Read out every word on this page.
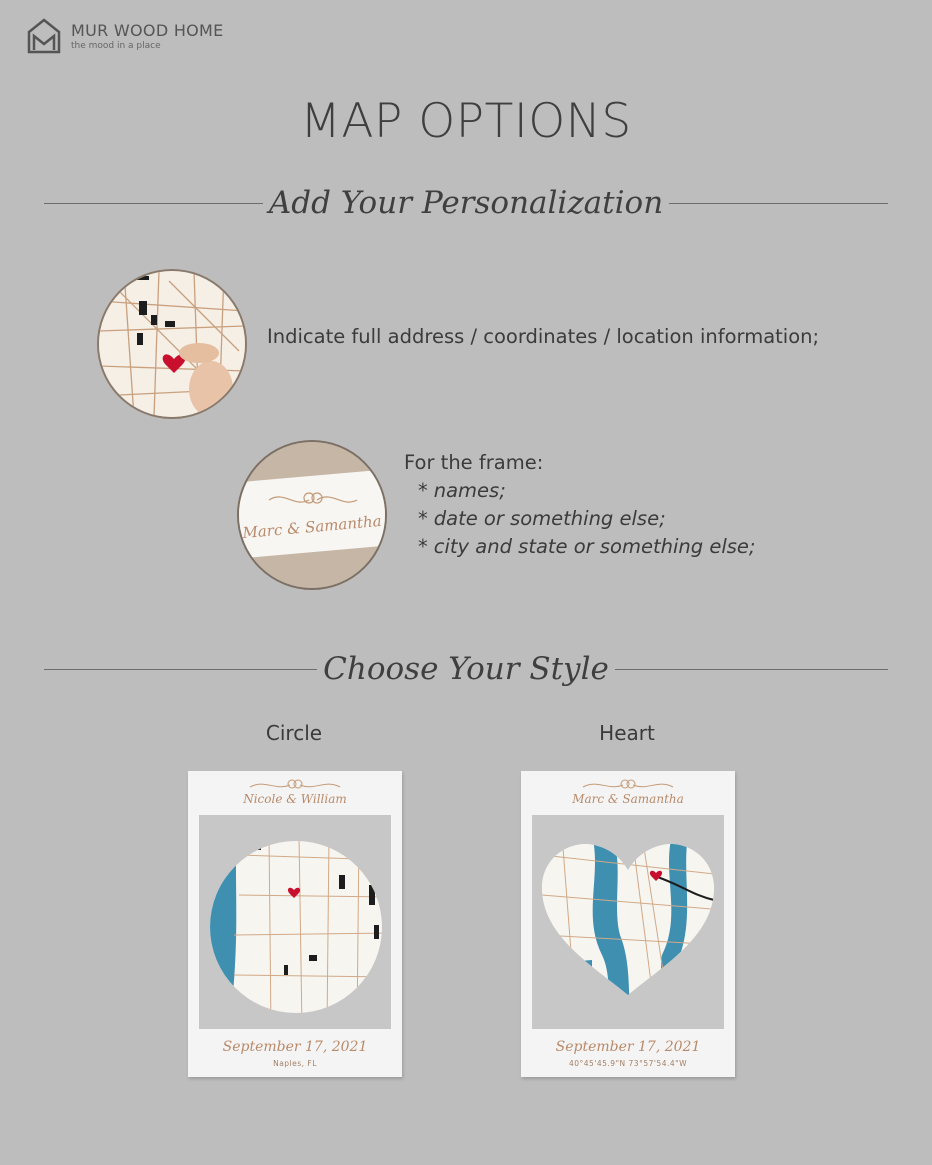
MUR WOOD HOME
the mood in a place
MAP OPTIONS
Add Your Personalization
Indicate full address / coordinates / location information;
Marc & Samantha
For the frame:
* names;
* date or something else;
* city and state or something else;
Choose Your Style
Circle	Heart
Nicole & William
September 17, 2021
Naples, FL
Marc & Samantha
September 17, 2021
40°45'45.9"N 73°57'54.4"W
